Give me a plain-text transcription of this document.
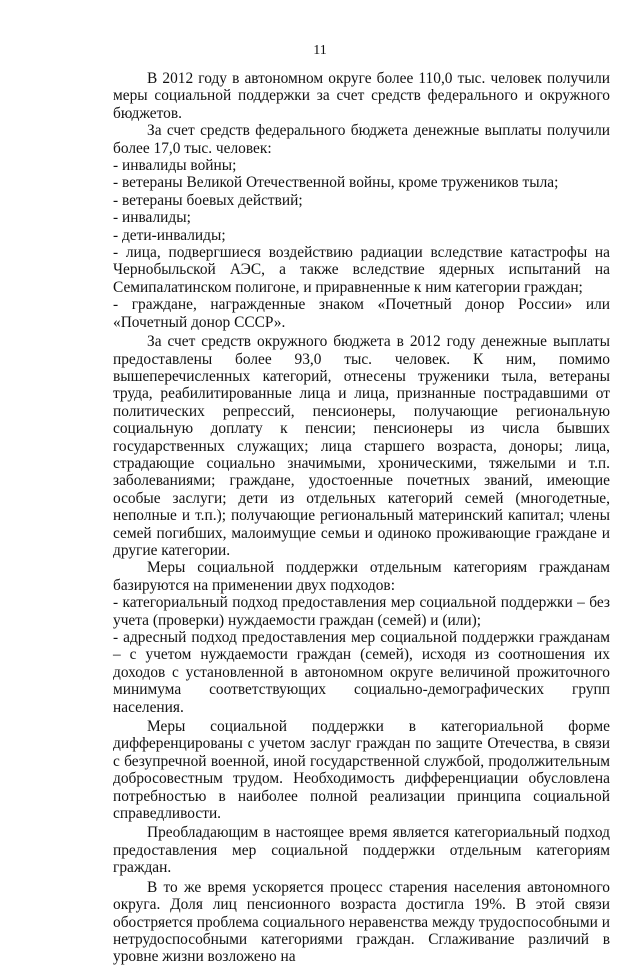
11

В 2012 году в автономном округе более 110,0 тыс. человек получили меры социальной поддержки за счет средств федерального и окружного бюджетов.

За счет средств федерального бюджета денежные выплаты получили более 17,0 тыс. человек:

- инвалиды войны;

- ветераны Великой Отечественной войны, кроме тружеников тыла;

- ветераны боевых действий;

- инвалиды;

- дети-инвалиды;

- лица, подвергшиеся воздействию радиации вследствие катастрофы на Чернобыльской АЭС, а также вследствие ядерных испытаний на Семипалатинском полигоне, и приравненные к ним категории граждан;

- граждане, награжденные знаком «Почетный донор России» или «Почетный донор СССР».

За счет средств окружного бюджета в 2012 году денежные выплаты предоставлены более 93,0 тыс. человек. К ним, помимо вышеперечисленных категорий, отнесены труженики тыла, ветераны труда, реабилитированные лица и лица, признанные пострадавшими от политических репрессий, пенсионеры, получающие региональную социальную доплату к пенсии; пенсионеры из числа бывших государственных служащих; лица старшего возраста, доноры; лица, страдающие социально значимыми, хроническими, тяжелыми и т.п. заболеваниями; граждане, удостоенные почетных званий, имеющие особые заслуги; дети из отдельных категорий семей (многодетные, неполные и т.п.); получающие региональный материнский капитал; члены семей погибших, малоимущие семьи и одиноко проживающие граждане и другие категории.

Меры социальной поддержки отдельным категориям гражданам базируются на применении двух подходов:

- категориальный подход предоставления мер социальной поддержки – без учета (проверки) нуждаемости граждан (семей) и (или);

- адресный подход предоставления мер социальной поддержки гражданам – с учетом нуждаемости граждан (семей), исходя из соотношения их доходов с установленной в автономном округе величиной прожиточного минимума соответствующих социально-демографических групп населения.

Меры социальной поддержки в категориальной форме дифференцированы с учетом заслуг граждан по защите Отечества, в связи с безупречной военной, иной государственной службой, продолжительным добросовестным трудом. Необходимость дифференциации обусловлена потребностью в наиболее полной реализации принципа социальной справедливости.

Преобладающим в настоящее время является категориальный подход предоставления мер социальной поддержки отдельным категориям граждан.

В то же время ускоряется процесс старения населения автономного округа. Доля лиц пенсионного возраста достигла 19%. В этой связи обостряется проблема социального неравенства между трудоспособными и нетрудоспособными категориями граждан. Сглаживание различий в уровне жизни возложено на
